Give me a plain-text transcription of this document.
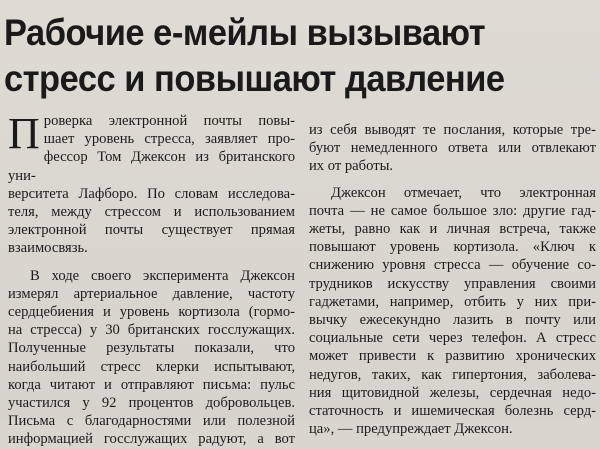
Рабочие е-мейлы вызывают
стресс и повышают давление

П роверка электронной почты повы-
шает уровень стресса, заявляет про-
фессор Том Джексон из британского уни-
верситета Лафборо. По словам исследова-
теля, между стрессом и использованием
электронной почты существует прямая
взаимосвязь.

В ходе своего эксперимента Джексон
измерял артериальное давление, частоту
сердцебиения и уровень кортизола (гормо-
на стресса) у 30 британских госслужащих.
Полученные результаты показали, что
наибольший стресс клерки испытывают,
когда читают и отправляют письма: пульс
участился у 92 процентов добровольцев.
Письма с благодарностями или полезной
информацией госслужащих радуют, а вот

из себя выводят те послания, которые тре-
буют немедленного ответа или отвлекают
их от работы.

Джексон отмечает, что электронная
почта — не самое большое зло: другие гад-
жеты, равно как и личная встреча, также
повышают уровень кортизола. «Ключ к
снижению уровня стресса — обучение со-
трудников искусству управления своими
гаджетами, например, отбить у них при-
вычку ежесекундно лазить в почту или
социальные сети через телефон. А стресс
может привести к развитию хронических
недугов, таких, как гипертония, заболева-
ния щитовидной железы, сердечная недо-
статочность и ишемическая болезнь серд-
ца», — предупреждает Джексон.
